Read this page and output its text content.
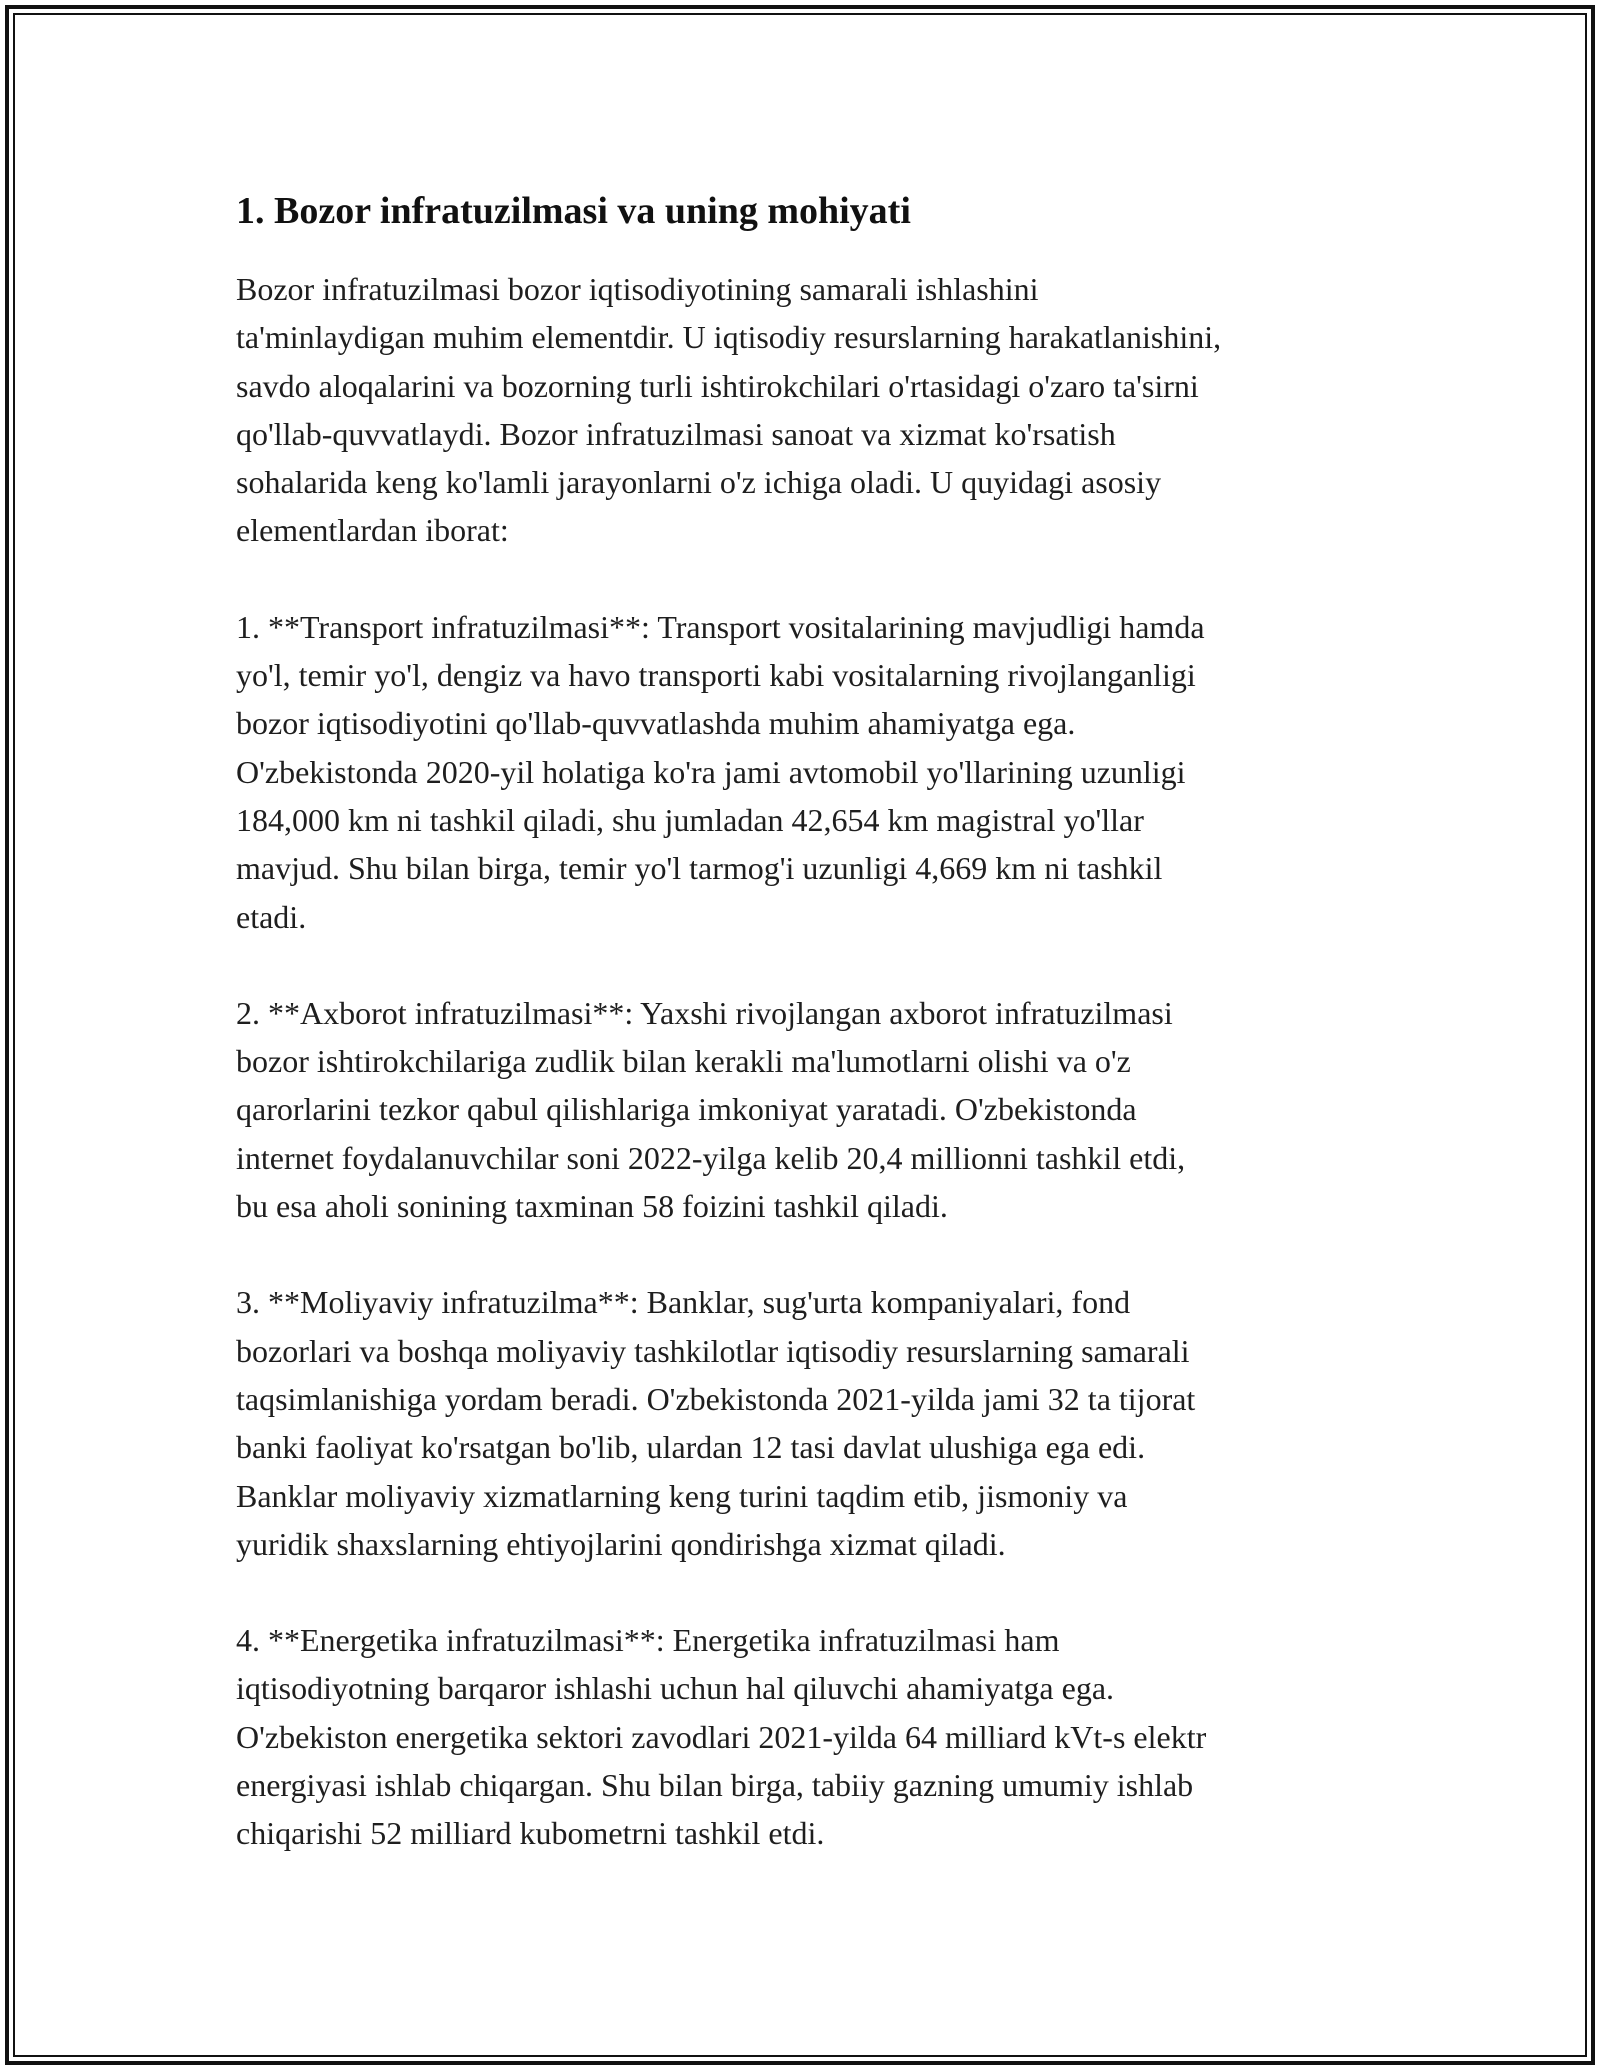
1. Bozor infratuzilmasi va uning mohiyati

Bozor infratuzilmasi bozor iqtisodiyotining samarali ishlashini
ta'minlaydigan muhim elementdir. U iqtisodiy resurslarning harakatlanishini,
savdo aloqalarini va bozorning turli ishtirokchilari o'rtasidagi o'zaro ta'sirni
qo'llab-quvvatlaydi. Bozor infratuzilmasi sanoat va xizmat ko'rsatish
sohalarida keng ko'lamli jarayonlarni o'z ichiga oladi. U quyidagi asosiy
elementlardan iborat:

1. **Transport infratuzilmasi**: Transport vositalarining mavjudligi hamda
yo'l, temir yo'l, dengiz va havo transporti kabi vositalarning rivojlanganligi
bozor iqtisodiyotini qo'llab-quvvatlashda muhim ahamiyatga ega.
O'zbekistonda 2020-yil holatiga ko'ra jami avtomobil yo'llarining uzunligi
184,000 km ni tashkil qiladi, shu jumladan 42,654 km magistral yo'llar
mavjud. Shu bilan birga, temir yo'l tarmog'i uzunligi 4,669 km ni tashkil
etadi.

2. **Axborot infratuzilmasi**: Yaxshi rivojlangan axborot infratuzilmasi
bozor ishtirokchilariga zudlik bilan kerakli ma'lumotlarni olishi va o'z
qarorlarini tezkor qabul qilishlariga imkoniyat yaratadi. O'zbekistonda
internet foydalanuvchilar soni 2022-yilga kelib 20,4 millionni tashkil etdi,
bu esa aholi sonining taxminan 58 foizini tashkil qiladi.

3. **Moliyaviy infratuzilma**: Banklar, sug'urta kompaniyalari, fond
bozorlari va boshqa moliyaviy tashkilotlar iqtisodiy resurslarning samarali
taqsimlanishiga yordam beradi. O'zbekistonda 2021-yilda jami 32 ta tijorat
banki faoliyat ko'rsatgan bo'lib, ulardan 12 tasi davlat ulushiga ega edi.
Banklar moliyaviy xizmatlarning keng turini taqdim etib, jismoniy va
yuridik shaxslarning ehtiyojlarini qondirishga xizmat qiladi.

4. **Energetika infratuzilmasi**: Energetika infratuzilmasi ham
iqtisodiyotning barqaror ishlashi uchun hal qiluvchi ahamiyatga ega.
O'zbekiston energetika sektori zavodlari 2021-yilda 64 milliard kVt-s elektr
energiyasi ishlab chiqargan. Shu bilan birga, tabiiy gazning umumiy ishlab
chiqarishi 52 milliard kubometrni tashkil etdi.
